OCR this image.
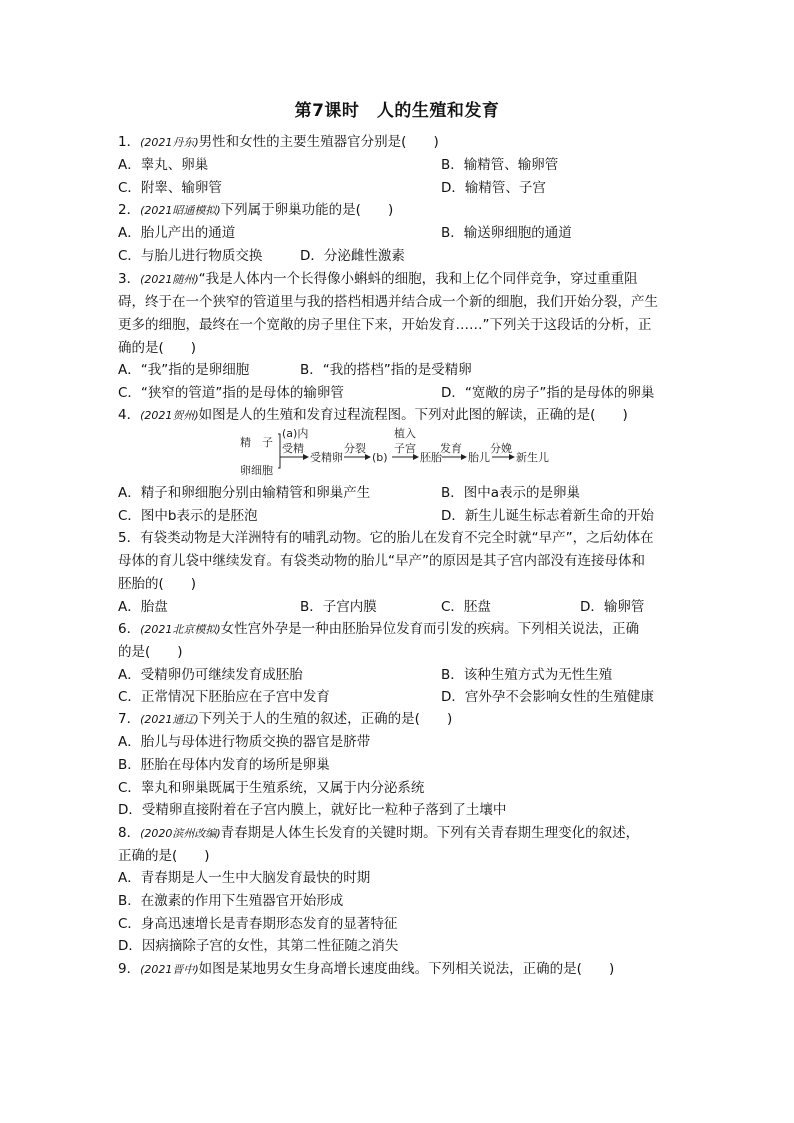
第7课时　人的生殖和发育
1．(2021丹东)男性和女性的主要生殖器官分别是(　　)
A．睾丸、卵巢	B．输精管、输卵管
C．附睾、输卵管	D．输精管、子宫
2．(2021昭通模拟)下列属于卵巢功能的是(　　)
A．胎儿产出的通道	B．输送卵细胞的通道
C．与胎儿进行物质交换	D．分泌雌性激素
3．(2021随州)“我是人体内一个长得像小蝌蚪的细胞，我和上亿个同伴竞争，穿过重重阻
碍，终于在一个狭窄的管道里与我的搭档相遇并结合成一个新的细胞，我们开始分裂，产生
更多的细胞，最终在一个宽敞的房子里住下来，开始发育……”下列关于这段话的分析，正
确的是(　　)
A．“我”指的是卵细胞	B．“我的搭档”指的是受精卵
C．“狭窄的管道”指的是母体的输卵管	D．“宽敞的房子”指的是母体的卵巢
4．(2021贺州)如图是人的生殖和发育过程流程图。下列对此图的解读，正确的是(　　)
精　子
卵细胞
(a)内
受精
受精卵
分裂
(b)
植入
子宫
胚胎
发育
胎儿
分娩
新生儿
A．精子和卵细胞分别由输精管和卵巢产生	B．图中a表示的是卵巢
C．图中b表示的是胚泡	D．新生儿诞生标志着新生命的开始
5．有袋类动物是大洋洲特有的哺乳动物。它的胎儿在发育不完全时就“早产”，之后幼体在
母体的育儿袋中继续发育。有袋类动物的胎儿“早产”的原因是其子宫内部没有连接母体和
胚胎的(　　)
A．胎盘	B．子宫内膜	C．胚盘	D．输卵管
6．(2021北京模拟)女性宫外孕是一种由胚胎异位发育而引发的疾病。下列相关说法，正确
的是(　　)
A．受精卵仍可继续发育成胚胎	B．该种生殖方式为无性生殖
C．正常情况下胚胎应在子宫中发育	D．宫外孕不会影响女性的生殖健康
7．(2021通辽)下列关于人的生殖的叙述，正确的是(　　)
A．胎儿与母体进行物质交换的器官是脐带
B．胚胎在母体内发育的场所是卵巢
C．睾丸和卵巢既属于生殖系统，又属于内分泌系统
D．受精卵直接附着在子宫内膜上，就好比一粒种子落到了土壤中
8．(2020滨州改编)青春期是人体生长发育的关键时期。下列有关青春期生理变化的叙述，
正确的是(　　)
A．青春期是人一生中大脑发育最快的时期
B．在激素的作用下生殖器官开始形成
C．身高迅速增长是青春期形态发育的显著特征
D．因病摘除子宫的女性，其第二性征随之消失
9．(2021晋中)如图是某地男女生身高增长速度曲线。下列相关说法，正确的是(　　)
